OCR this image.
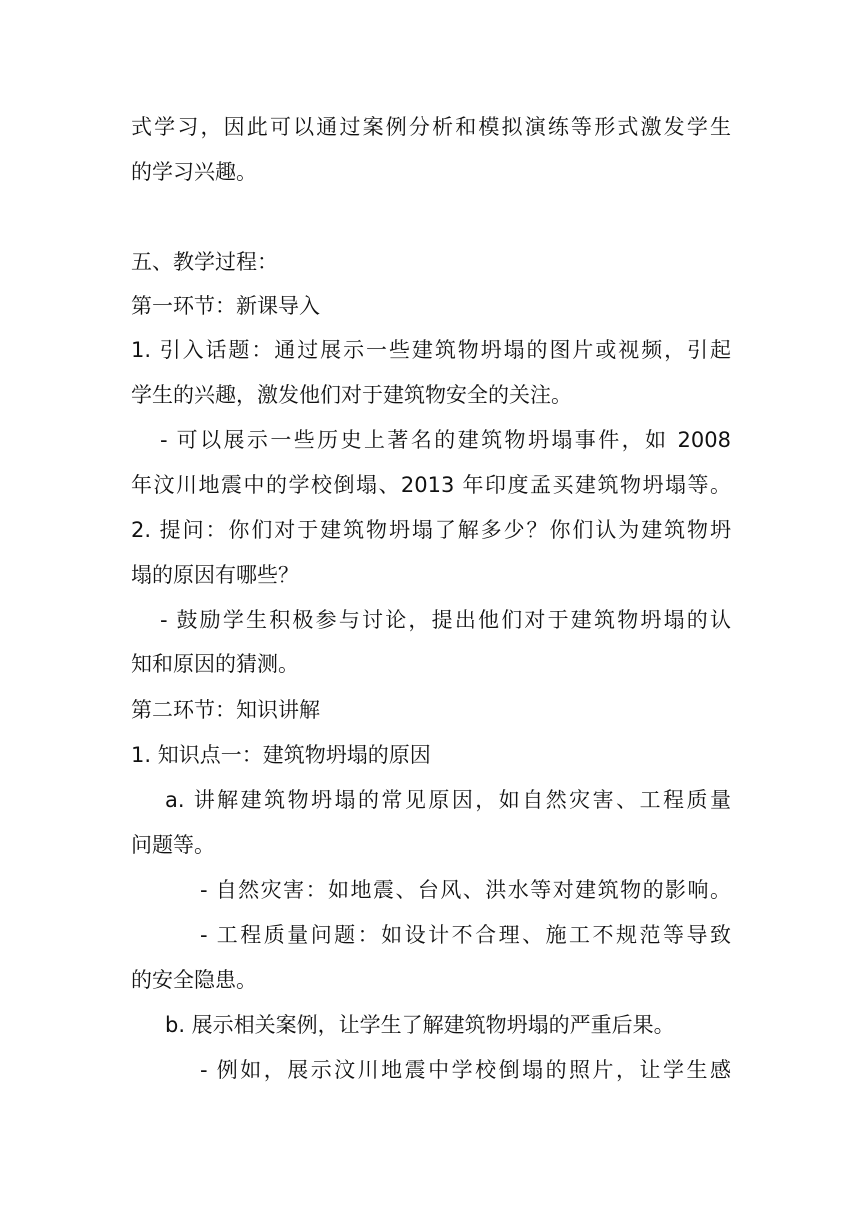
式学习，因此可以通过案例分析和模拟演练等形式激发学生
的学习兴趣。
五、教学过程：
第一环节：新课导入
1. 引入话题：通过展示一些建筑物坍塌的图片或视频，引起
学生的兴趣，激发他们对于建筑物安全的关注。
- 可以展示一些历史上著名的建筑物坍塌事件，如 2008
年汶川地震中的学校倒塌、2013 年印度孟买建筑物坍塌等。
2. 提问：你们对于建筑物坍塌了解多少？你们认为建筑物坍
塌的原因有哪些？
- 鼓励学生积极参与讨论，提出他们对于建筑物坍塌的认
知和原因的猜测。
第二环节：知识讲解
1. 知识点一：建筑物坍塌的原因
a. 讲解建筑物坍塌的常见原因，如自然灾害、工程质量
问题等。
- 自然灾害：如地震、台风、洪水等对建筑物的影响。
- 工程质量问题：如设计不合理、施工不规范等导致
的安全隐患。
b. 展示相关案例，让学生了解建筑物坍塌的严重后果。
- 例如，展示汶川地震中学校倒塌的照片，让学生感
